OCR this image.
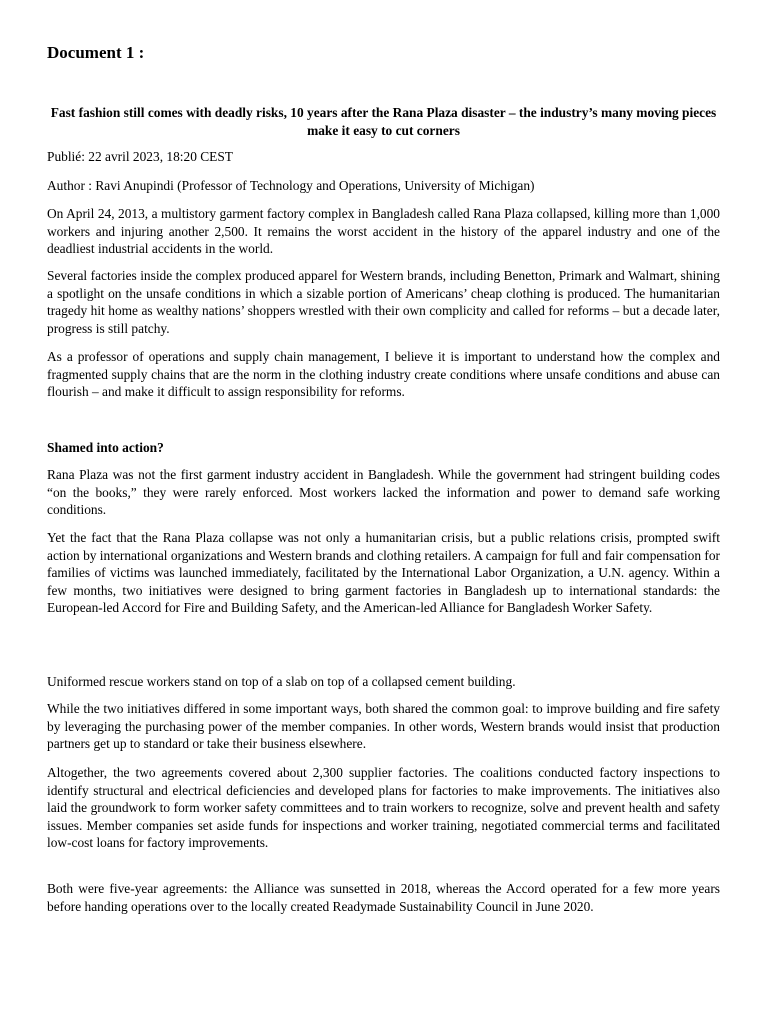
Document 1 :
Fast fashion still comes with deadly risks, 10 years after the Rana Plaza disaster – the industry’s many moving pieces make it easy to cut corners

Publié: 22 avril 2023, 18:20 CEST

Author : Ravi Anupindi (Professor of Technology and Operations, University of Michigan)

On April 24, 2013, a multistory garment factory complex in Bangladesh called Rana Plaza collapsed, killing more than 1,000 workers and injuring another 2,500. It remains the worst accident in the history of the apparel industry and one of the deadliest industrial accidents in the world.

Several factories inside the complex produced apparel for Western brands, including Benetton, Primark and Walmart, shining a spotlight on the unsafe conditions in which a sizable portion of Americans’ cheap clothing is produced. The humanitarian tragedy hit home as wealthy nations’ shoppers wrestled with their own complicity and called for reforms – but a decade later, progress is still patchy.

As a professor of operations and supply chain management, I believe it is important to understand how the complex and fragmented supply chains that are the norm in the clothing industry create conditions where unsafe conditions and abuse can flourish – and make it difficult to assign responsibility for reforms.

Shamed into action?

Rana Plaza was not the first garment industry accident in Bangladesh. While the government had stringent building codes “on the books,” they were rarely enforced. Most workers lacked the information and power to demand safe working conditions.

Yet the fact that the Rana Plaza collapse was not only a humanitarian crisis, but a public relations crisis, prompted swift action by international organizations and Western brands and clothing retailers. A campaign for full and fair compensation for families of victims was launched immediately, facilitated by the International Labor Organization, a U.N. agency. Within a few months, two initiatives were designed to bring garment factories in Bangladesh up to international standards: the European-led Accord for Fire and Building Safety, and the American-led Alliance for Bangladesh Worker Safety.

Uniformed rescue workers stand on top of a slab on top of a collapsed cement building.

While the two initiatives differed in some important ways, both shared the common goal: to improve building and fire safety by leveraging the purchasing power of the member companies. In other words, Western brands would insist that production partners get up to standard or take their business elsewhere.

Altogether, the two agreements covered about 2,300 supplier factories. The coalitions conducted factory inspections to identify structural and electrical deficiencies and developed plans for factories to make improvements. The initiatives also laid the groundwork to form worker safety committees and to train workers to recognize, solve and prevent health and safety issues. Member companies set aside funds for inspections and worker training, negotiated commercial terms and facilitated low-cost loans for factory improvements.

Both were five-year agreements: the Alliance was sunsetted in 2018, whereas the Accord operated for a few more years before handing operations over to the locally created Readymade Sustainability Council in June 2020.
